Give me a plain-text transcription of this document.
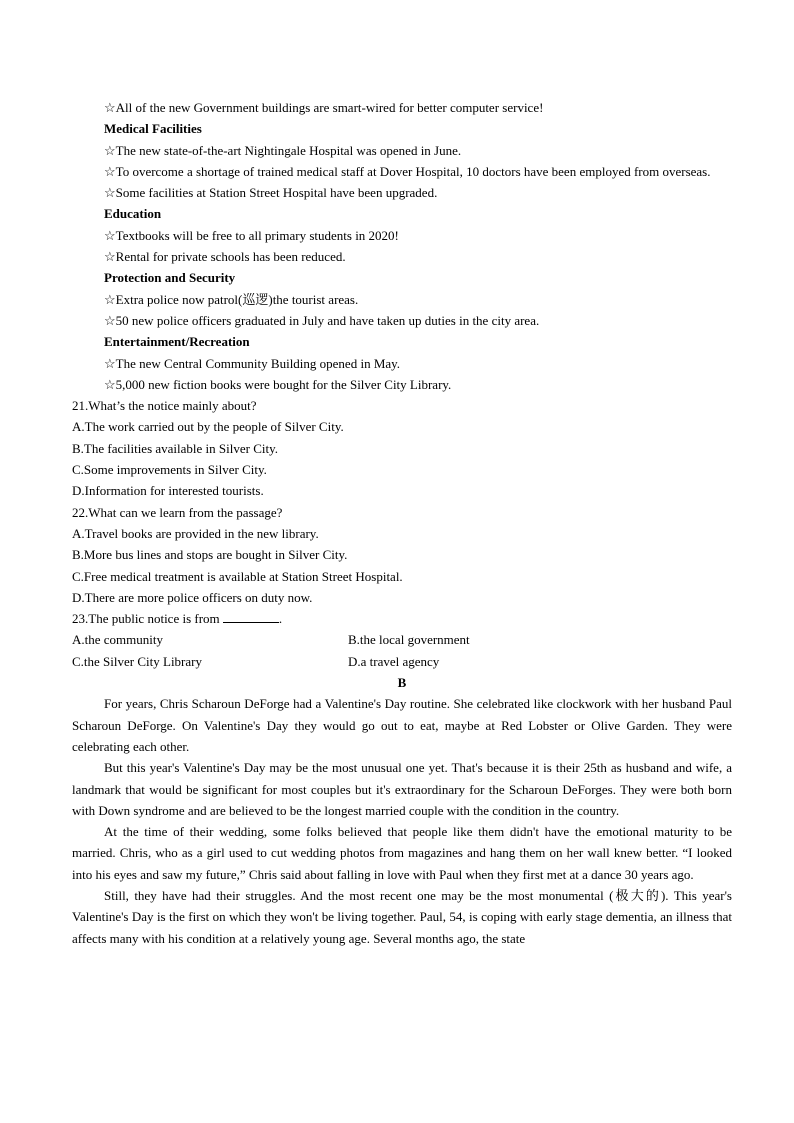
☆All of the new Government buildings are smart-wired for better computer service!
Medical Facilities
☆The new state-of-the-art Nightingale Hospital was opened in June.
☆To overcome a shortage of trained medical staff at Dover Hospital, 10 doctors have been employed from overseas.
☆Some facilities at Station Street Hospital have been upgraded.
Education
☆Textbooks will be free to all primary students in 2020!
☆Rental for private schools has been reduced.
Protection and Security
☆Extra police now patrol(巡逻)the tourist areas.
☆50 new police officers graduated in July and have taken up duties in the city area.
Entertainment/Recreation
☆The new Central Community Building opened in May.
☆5,000 new fiction books were bought for the Silver City Library.
21.What’s the notice mainly about?
A.The work carried out by the people of Silver City.
B.The facilities available in Silver City.
C.Some improvements in Silver City.
D.Information for interested tourists.
22.What can we learn from the passage?
A.Travel books are provided in the new library.
B.More bus lines and stops are bought in Silver City.
C.Free medical treatment is available at Station Street Hospital.
D.There are more police officers on duty now.
23.The public notice is from	.
A.the community	B.the local government
C.the Silver City Library	D.a travel agency
B
For years, Chris Scharoun DeForge had a Valentine's Day routine. She celebrated like clockwork with her husband Paul Scharoun DeForge. On Valentine's Day they would go out to eat, maybe at Red Lobster or Olive Garden. They were celebrating each other.
But this year's Valentine's Day may be the most unusual one yet. That's because it is their 25th as husband and wife, a landmark that would be significant for most couples but it's extraordinary for the Scharoun DeForges. They were both born with Down syndrome and are believed to be the longest married couple with the condition in the country.
At the time of their wedding, some folks believed that people like them didn't have the emotional maturity to be married. Chris, who as a girl used to cut wedding photos from magazines and hang them on her wall knew better. “I looked into his eyes and saw my future,” Chris said about falling in love with Paul when they first met at a dance 30 years ago.
Still, they have had their struggles. And the most recent one may be the most monumental (极大的). This year's Valentine's Day is the first on which they won't be living together. Paul, 54, is coping with early stage dementia, an illness that affects many with his condition at a relatively young age. Several months ago, the state
